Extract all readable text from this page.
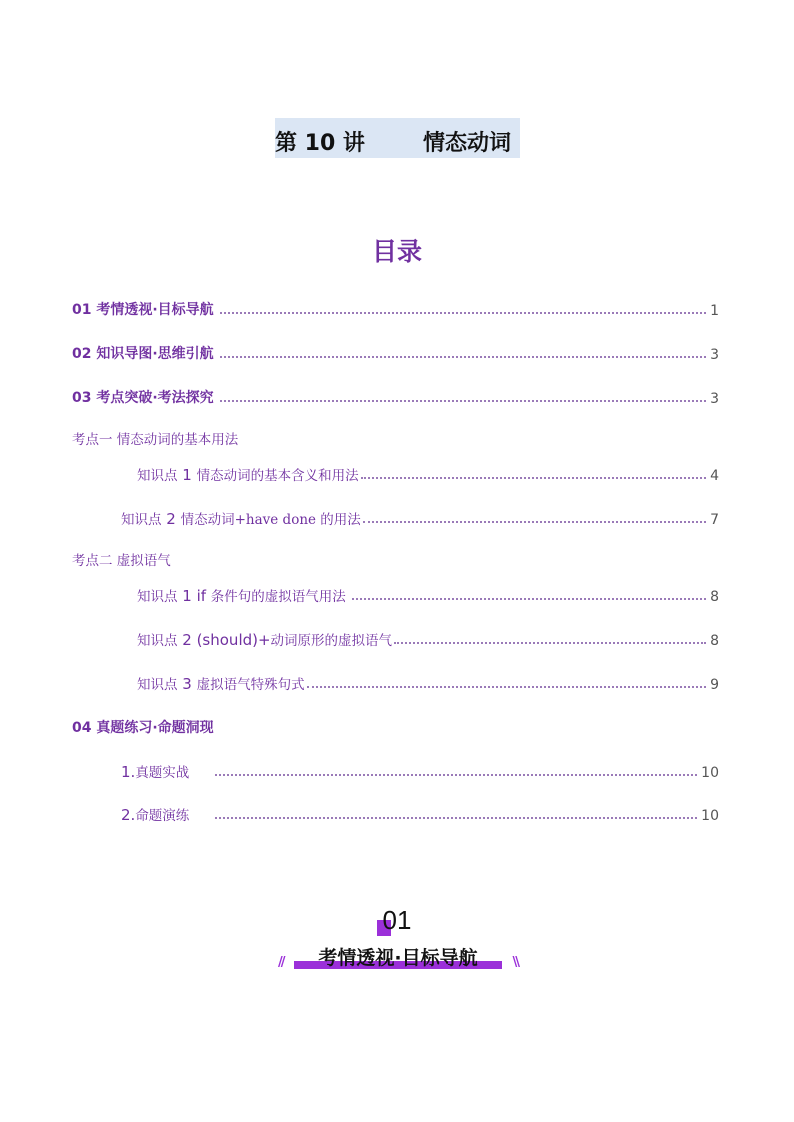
第 10 讲	情态动词
目录
01 考情透视·目标导航	1
02 知识导图·思维引航	3
03 考点突破·考法探究	3
考点一 情态动词的基本用法
知识点 1 情态动词的基本含义和用法	4
知识点 2 情态动词+have done 的用法	7
考点二 虚拟语气
知识点 1 if 条件句的虚拟语气用法	8
知识点 2 (should)+动词原形的虚拟语气	8
知识点 3 虚拟语气特殊句式	9
04 真题练习·命题洞现
1.真题实战	10
2.命题演练	10
01
//	考情透视·目标导航	\\
